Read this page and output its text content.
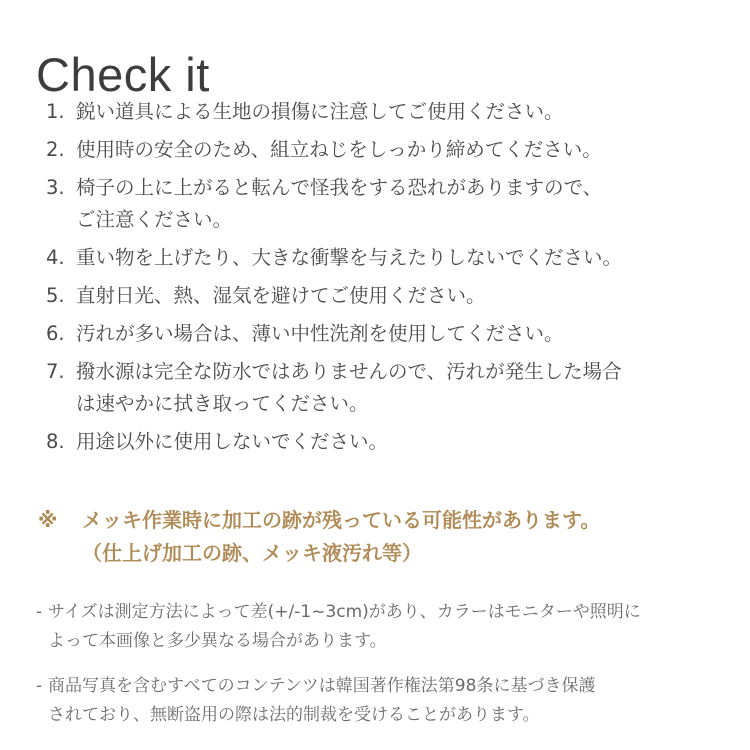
Check it
1. 鋭い道具による生地の損傷に注意してご使用ください。
2. 使用時の安全のため、組立ねじをしっかり締めてください。
3. 椅子の上に上がると転んで怪我をする恐れがありますので、
ご注意ください。
4. 重い物を上げたり、大きな衝撃を与えたりしないでください。
5. 直射日光、熱、湿気を避けてご使用ください。
6. 汚れが多い場合は、薄い中性洗剤を使用してください。
7. 撥水源は完全な防水ではありませんので、汚れが発生した場合
は速やかに拭き取ってください。
8. 用途以外に使用しないでください。
※	メッキ作業時に加工の跡が残っている可能性があります。
（仕上げ加工の跡、メッキ液汚れ等）
- サイズは測定方法によって差(+/-1~3cm)があり、カラーはモニターや照明に
よって本画像と多少異なる場合があります。
- 商品写真を含むすべてのコンテンツは韓国著作権法第98条に基づき保護
されており、無断盗用の際は法的制裁を受けることがあります。
